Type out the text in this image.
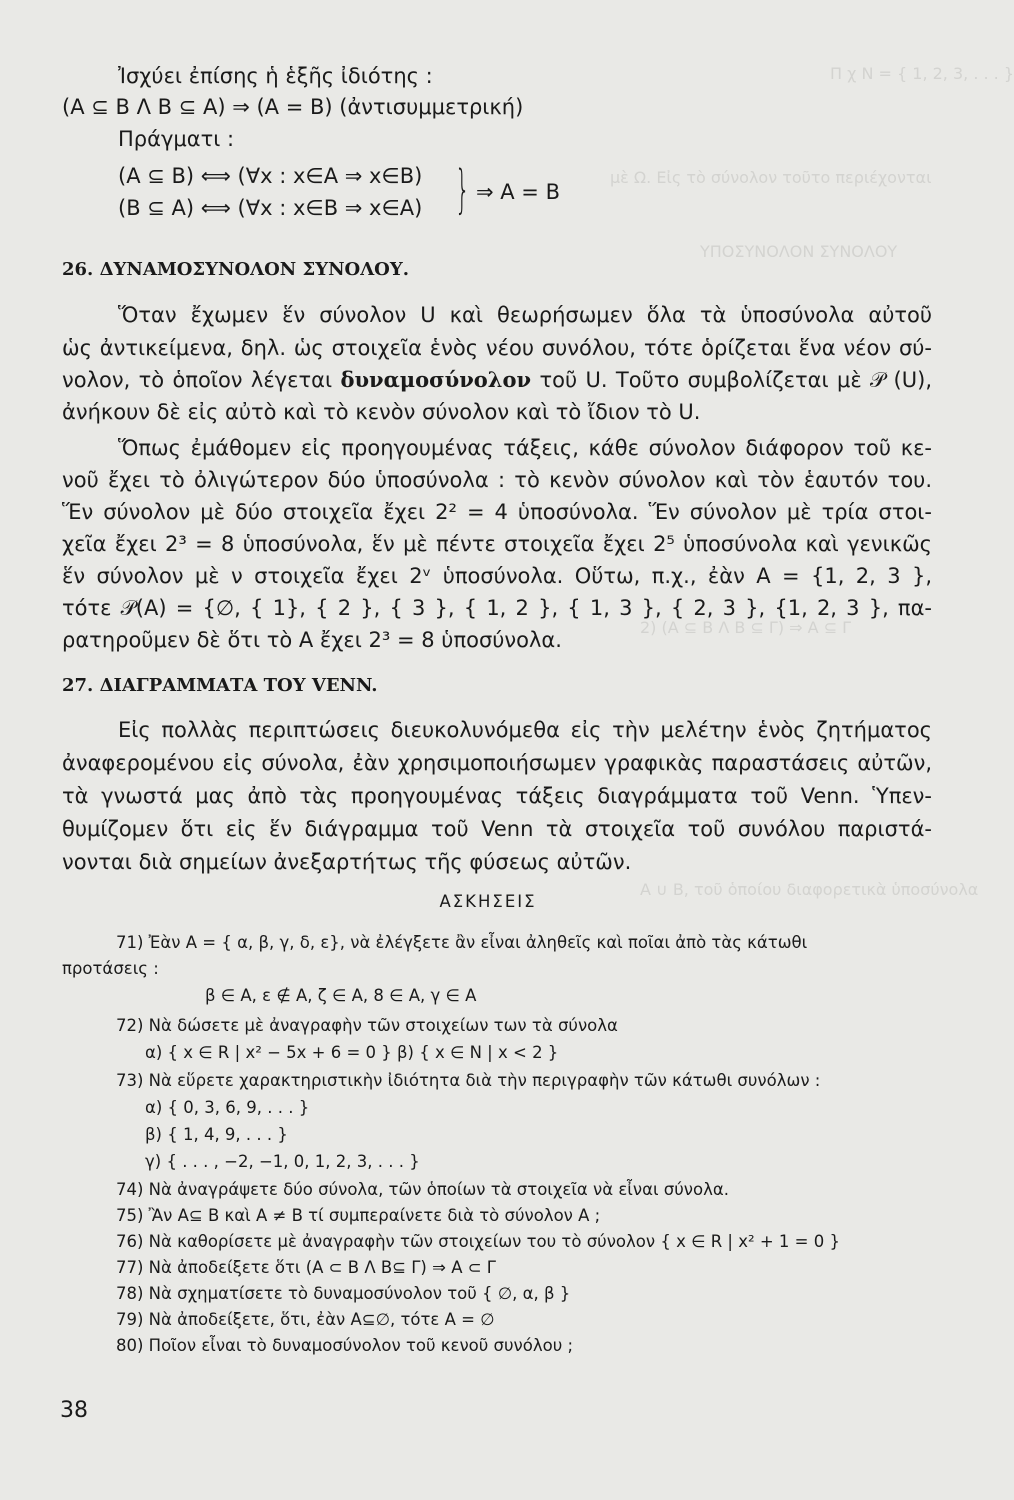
Π χ N = { 1, 2, 3, . . . }
μὲ Ω. Εἰς τὸ σύνολον τοῦτο περιέχονται
ΥΠΟΣΥΝΟΛΟΝ ΣΥΝΟΛΟΥ
2) (A ⊆ B Λ B ⊆ Γ) ⇒ A ⊆ Γ
A ∪ B, τοῦ ὁποίου διαφορετικὰ ὑποσύνολα
Ἰσχύει ἐπίσης ἡ ἑξῆς ἰδιότης :
(A ⊆ B Λ B ⊆ A) ⇒ (A = B) (ἀντισυμμετρική)
Πράγματι :
(A ⊆ B) ⟺ (∀x : x∈A ⇒ x∈B)
(B ⊆ A) ⟺ (∀x : x∈B ⇒ x∈A) } ⇒ A = B
26. ΔΥΝΑΜΟΣΥΝΟΛΟΝ ΣΥΝΟΛΟΥ.
Ὅταν ἔχωμεν ἕν σύνολον U καὶ θεωρήσωμεν ὅλα τὰ ὑποσύνολα αὐτοῦ
ὡς ἀντικείμενα, δηλ. ὡς στοιχεῖα ἑνὸς νέου συνόλου, τότε ὁρίζεται ἕνα νέον σύ-
νολον, τὸ ὁποῖον λέγεται δυναμοσύνολον τοῦ U. Τοῦτο συμβολίζεται μὲ 𝒫 (U),
ἀνήκουν δὲ εἰς αὐτὸ καὶ τὸ κενὸν σύνολον καὶ τὸ ἴδιον τὸ U.
Ὅπως ἐμάθομεν εἰς προηγουμένας τάξεις, κάθε σύνολον διάφορον τοῦ κε-
νοῦ ἔχει τὸ ὀλιγώτερον δύο ὑποσύνολα : τὸ κενὸν σύνολον καὶ τὸν ἑαυτόν του.
Ἕν σύνολον μὲ δύο στοιχεῖα ἔχει 2² = 4 ὑποσύνολα. Ἕν σύνολον μὲ τρία στοι-
χεῖα ἔχει 2³ = 8 ὑποσύνολα, ἕν μὲ πέντε στοιχεῖα ἔχει 2⁵ ὑποσύνολα καὶ γενικῶς
ἕν σύνολον μὲ ν στοιχεῖα ἔχει 2ᵛ ὑποσύνολα. Οὕτω, π.χ., ἐὰν A = {1, 2, 3 },
τότε 𝒫(A) = {∅, { 1}, { 2 }, { 3 }, { 1, 2 }, { 1, 3 }, { 2, 3 }, {1, 2, 3 }, πα-
ρατηροῦμεν δὲ ὅτι τὸ A ἔχει 2³ = 8 ὑποσύνολα.
27. ΔΙΑΓΡΑΜΜΑΤΑ ΤΟΥ VENN.
Εἰς πολλὰς περιπτώσεις διευκολυνόμεθα εἰς τὴν μελέτην ἑνὸς ζητήματος
ἀναφερομένου εἰς σύνολα, ἐὰν χρησιμοποιήσωμεν γραφικὰς παραστάσεις αὐτῶν,
τὰ γνωστά μας ἀπὸ τὰς προηγουμένας τάξεις διαγράμματα τοῦ Venn. Ὑπεν-
θυμίζομεν ὅτι εἰς ἕν διάγραμμα τοῦ Venn τὰ στοιχεῖα τοῦ συνόλου παριστά-
νονται διὰ σημείων ἀνεξαρτήτως τῆς φύσεως αὐτῶν.
ΑΣΚΗΣΕΙΣ
71) Ἐὰν A = { α, β, γ, δ, ε}, νὰ ἐλέγξετε ἂν εἶναι ἀληθεῖς καὶ ποῖαι ἀπὸ τὰς κάτωθι
προτάσεις :
β ∈ A, ε ∉ A, ζ ∈ A, 8 ∈ A, γ ∈ A
72) Νὰ δώσετε μὲ ἀναγραφὴν τῶν στοιχείων των τὰ σύνολα
α) { x ∈ R | x² − 5x + 6 = 0 } β) { x ∈ N | x < 2 }
73) Νὰ εὕρετε χαρακτηριστικὴν ἰδιότητα διὰ τὴν περιγραφὴν τῶν κάτωθι συνόλων :
α) { 0, 3, 6, 9, . . . }
β) { 1, 4, 9, . . . }
γ) { . . . , −2, −1, 0, 1, 2, 3, . . . }
74) Νὰ ἀναγράψετε δύο σύνολα, τῶν ὁποίων τὰ στοιχεῖα νὰ εἶναι σύνολα.
75) Ἂν A⊆ B καὶ A ≠ B τί συμπεραίνετε διὰ τὸ σύνολον A ;
76) Νὰ καθορίσετε μὲ ἀναγραφὴν τῶν στοιχείων του τὸ σύνολον { x ∈ R | x² + 1 = 0 }
77) Νὰ ἀποδείξετε ὅτι (A ⊂ B Λ B⊆ Γ) ⇒ A ⊂ Γ
78) Νὰ σχηματίσετε τὸ δυναμοσύνολον τοῦ { ∅, α, β }
79) Νὰ ἀποδείξετε, ὅτι, ἐὰν A⊆∅, τότε A = ∅
80) Ποῖον εἶναι τὸ δυναμοσύνολον τοῦ κενοῦ συνόλου ;
38
